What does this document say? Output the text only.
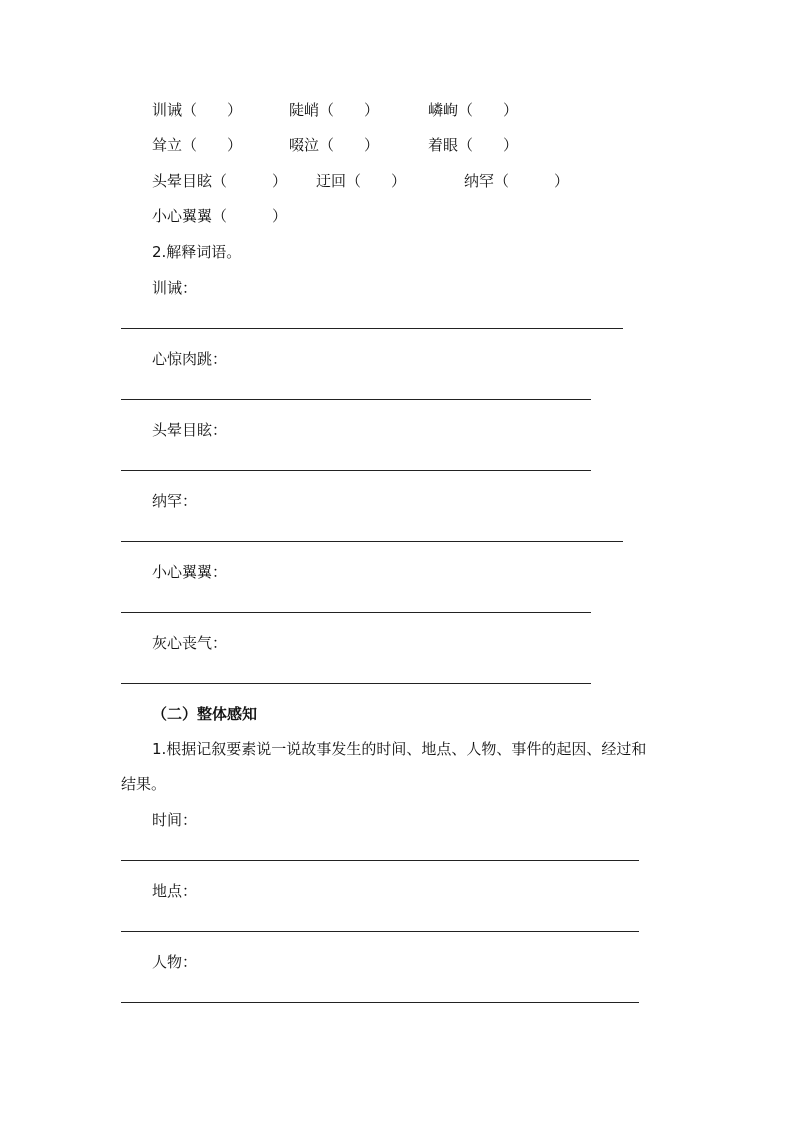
训诫（　　）	陡峭（　　）	嶙峋（　　）
耸立（　　）	啜泣（　　）	着眼（　　）
头晕目眩（　　　） 迂回（　　）	纳罕（　　　）
小心翼翼（　　　）
2.解释词语。
训诫：
心惊肉跳：
头晕目眩：
纳罕：
小心翼翼：
灰心丧气：
（二）整体感知
1.根据记叙要素说一说故事发生的时间、地点、人物、事件的起因、经过和
结果。
时间：
地点：
人物：
